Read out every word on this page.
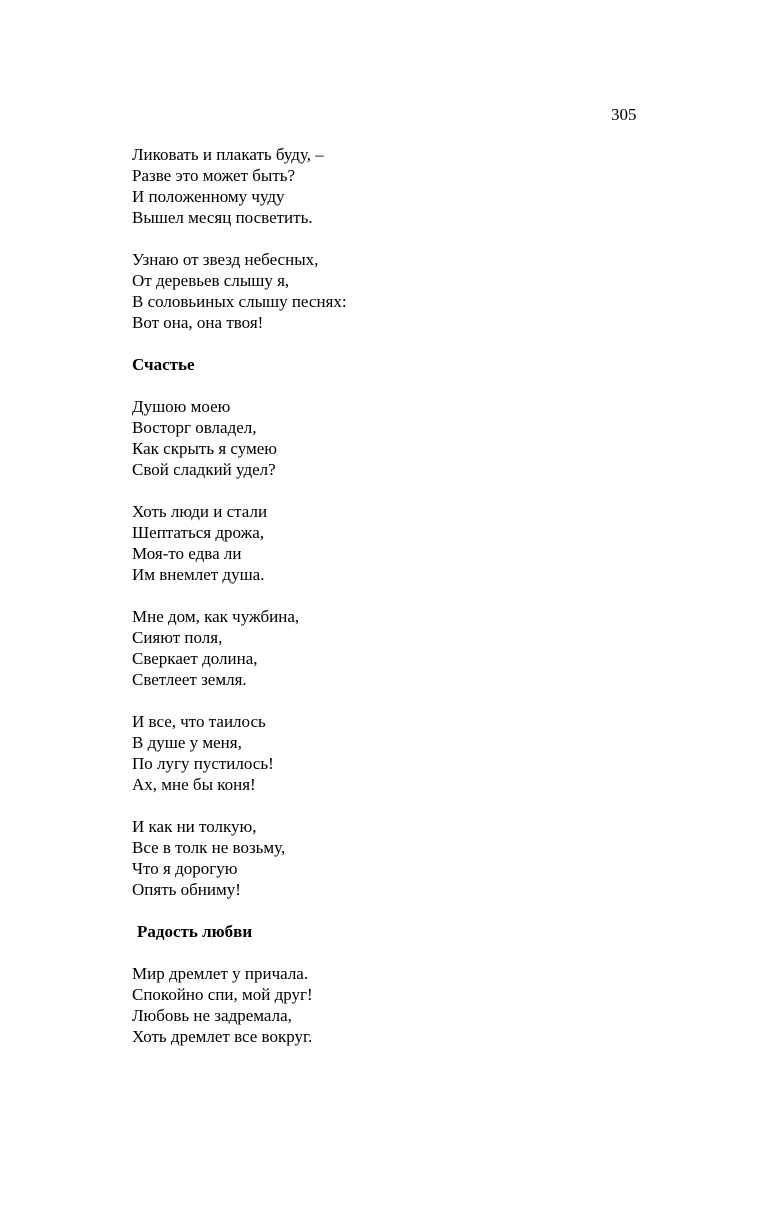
305
Ликовать и плакать буду, –
Разве это может быть?
И положенному чуду
Вышел месяц посветить.
Узнаю от звезд небесных,
От деревьев слышу я,
В соловьиных слышу песнях:
Вот она, она твоя!
Счастье
Душою моею
Восторг овладел,
Как скрыть я сумею
Свой сладкий удел?
Хоть люди и стали
Шептаться дрожа,
Моя-то едва ли
Им внемлет душа.
Мне дом, как чужбина,
Сияют поля,
Сверкает долина,
Светлеет земля.
И все, что таилось
В душе у меня,
По лугу пустилось!
Ах, мне бы коня!
И как ни толкую,
Все в толк не возьму,
Что я дорогую
Опять обниму!
Радость любви
Мир дремлет у причала.
Спокойно спи, мой друг!
Любовь не задремала,
Хоть дремлет все вокруг.
